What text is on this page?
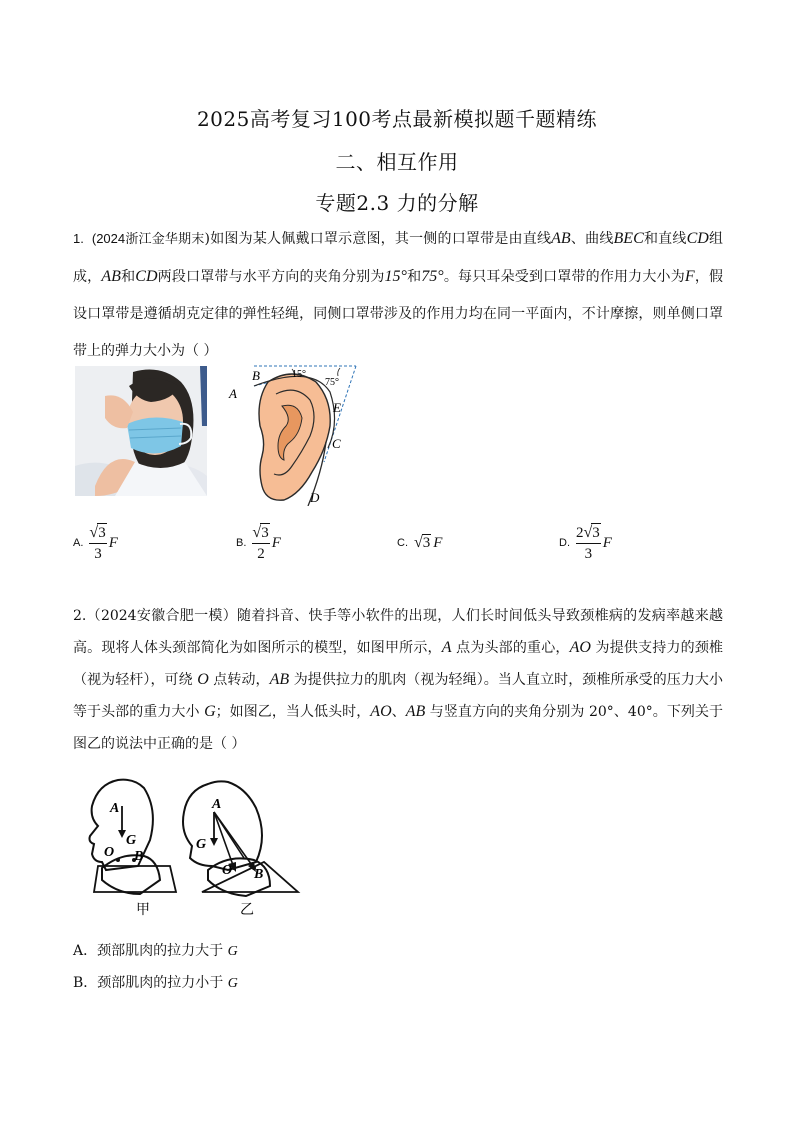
2025高考复习100考点最新模拟题千题精练
二、相互作用
专题2.3 力的分解
1. (2024浙江金华期末)如图为某人佩戴口罩示意图，其一侧的口罩带是由直线AB、曲线BEC和直线CD组成，AB和CD两段口罩带与水平方向的夹角分别为15°和75°。每只耳朵受到口罩带的作用力大小为F，假设口罩带是遵循胡克定律的弹性轻绳，同侧口罩带涉及的作用力均在同一平面内，不计摩擦，则单侧口罩带上的弹力大小为（ ）
15°
75°
A
B
E
C
D
A. $\frac{√ 3}{3}$ F	B. $\frac{√ 3}{2}$ F	C. √ 3 F	D. $\frac{2 √ 3}{3}$ F
2.（2024安徽合肥一模）随着抖音、快手等小软件的出现，人们长时间低头导致颈椎病的发病率越来越高。现将人体头颈部简化为如图所示的模型，如图甲所示，A 点为头部的重心，AO 为提供支持力的颈椎（视为轻杆），可绕 O 点转动，AB 为提供拉力的肌肉（视为轻绳）。当人直立时，颈椎所承受的压力大小等于头部的重力大小 G；如图乙，当人低头时，AO、AB 与竖直方向的夹角分别为 20°、40°。下列关于图乙的说法中正确的是（ ）
A
G
O B
甲
A
G
O B
乙
A．颈部肌肉的拉力大于 G
B．颈部肌肉的拉力小于 G
